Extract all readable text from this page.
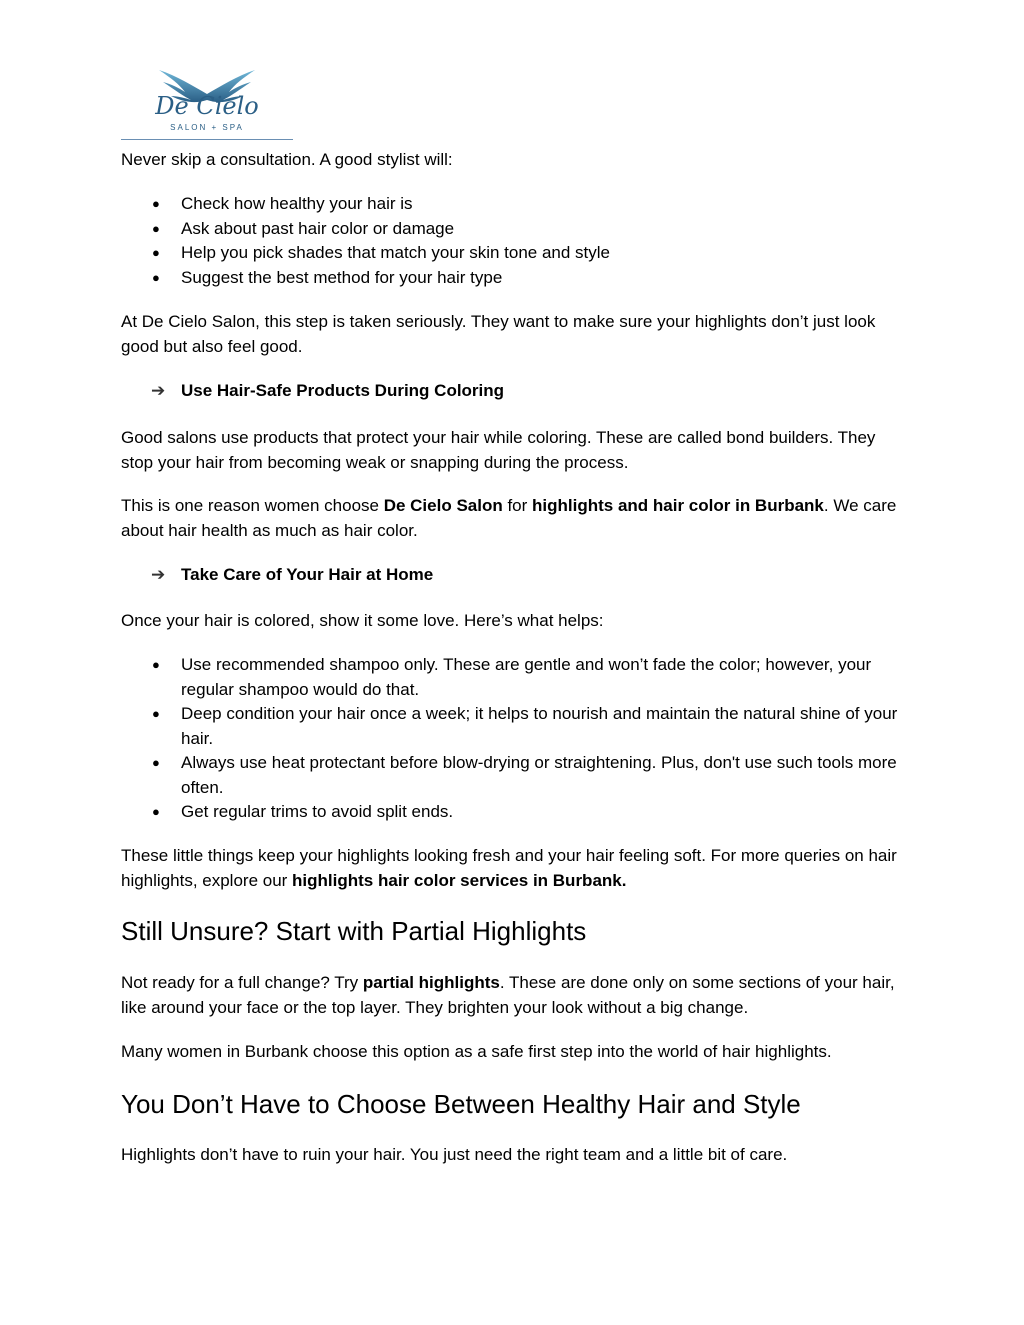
De Cielo
SALON + SPA

Never skip a consultation. A good stylist will:

● Check how healthy your hair is
● Ask about past hair color or damage
● Help you pick shades that match your skin tone and style
● Suggest the best method for your hair type

At De Cielo Salon, this step is taken seriously. They want to make sure your highlights don’t just look good but also feel good.

➔ Use Hair-Safe Products During Coloring

Good salons use products that protect your hair while coloring. These are called bond builders. They stop your hair from becoming weak or snapping during the process.

This is one reason women choose De Cielo Salon for highlights and hair color in Burbank. We care about hair health as much as hair color.

➔ Take Care of Your Hair at Home

Once your hair is colored, show it some love. Here’s what helps:

● Use recommended shampoo only. These are gentle and won’t fade the color; however, your regular shampoo would do that.
● Deep condition your hair once a week; it helps to nourish and maintain the natural shine of your hair.
● Always use heat protectant before blow-drying or straightening. Plus, don't use such tools more often.
● Get regular trims to avoid split ends.

These little things keep your highlights looking fresh and your hair feeling soft. For more queries on hair highlights, explore our highlights hair color services in Burbank.

Still Unsure? Start with Partial Highlights

Not ready for a full change? Try partial highlights. These are done only on some sections of your hair, like around your face or the top layer. They brighten your look without a big change.

Many women in Burbank choose this option as a safe first step into the world of hair highlights.

You Don’t Have to Choose Between Healthy Hair and Style

Highlights don’t have to ruin your hair. You just need the right team and a little bit of care.
